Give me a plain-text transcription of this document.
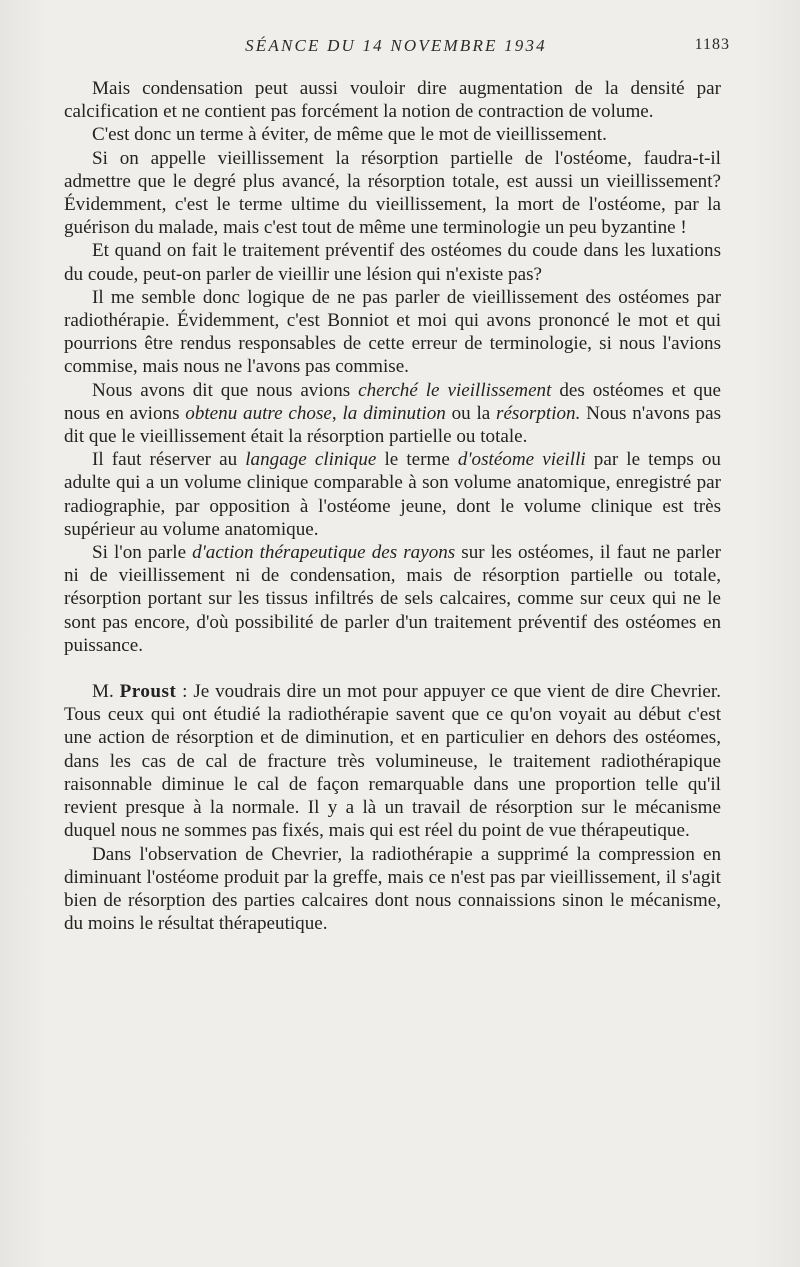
SÉANCE DU 14 NOVEMBRE 1934	1183

Mais condensation peut aussi vouloir dire augmentation de la densité par calcification et ne contient pas forcément la notion de contraction de volume.

C'est donc un terme à éviter, de même que le mot de vieillissement.

Si on appelle vieillissement la résorption partielle de l'ostéome, faudra-t-il admettre que le degré plus avancé, la résorption totale, est aussi un vieillissement? Évidemment, c'est le terme ultime du vieillissement, la mort de l'ostéome, par la guérison du malade, mais c'est tout de même une terminologie un peu byzantine !

Et quand on fait le traitement préventif des ostéomes du coude dans les luxations du coude, peut-on parler de vieillir une lésion qui n'existe pas?

Il me semble donc logique de ne pas parler de vieillissement des ostéomes par radiothérapie. Évidemment, c'est Bonniot et moi qui avons prononcé le mot et qui pourrions être rendus responsables de cette erreur de terminologie, si nous l'avions commise, mais nous ne l'avons pas commise.

Nous avons dit que nous avions cherché le vieillissement des ostéomes et que nous en avions obtenu autre chose, la diminution ou la résorption. Nous n'avons pas dit que le vieillissement était la résorption partielle ou totale.

Il faut réserver au langage clinique le terme d'ostéome vieilli par le temps ou adulte qui a un volume clinique comparable à son volume anatomique, enregistré par radiographie, par opposition à l'ostéome jeune, dont le volume clinique est très supérieur au volume anatomique.

Si l'on parle d'action thérapeutique des rayons sur les ostéomes, il faut ne parler ni de vieillissement ni de condensation, mais de résorption partielle ou totale, résorption portant sur les tissus infiltrés de sels calcaires, comme sur ceux qui ne le sont pas encore, d'où possibilité de parler d'un traitement préventif des ostéomes en puissance.

M. Proust : Je voudrais dire un mot pour appuyer ce que vient de dire Chevrier. Tous ceux qui ont étudié la radiothérapie savent que ce qu'on voyait au début c'est une action de résorption et de diminution, et en particulier en dehors des ostéomes, dans les cas de cal de fracture très volumineuse, le traitement radiothérapique raisonnable diminue le cal de façon remarquable dans une proportion telle qu'il revient presque à la normale. Il y a là un travail de résorption sur le mécanisme duquel nous ne sommes pas fixés, mais qui est réel du point de vue thérapeutique.

Dans l'observation de Chevrier, la radiothérapie a supprimé la compression en diminuant l'ostéome produit par la greffe, mais ce n'est pas par vieillissement, il s'agit bien de résorption des parties calcaires dont nous connaissions sinon le mécanisme, du moins le résultat thérapeutique.
